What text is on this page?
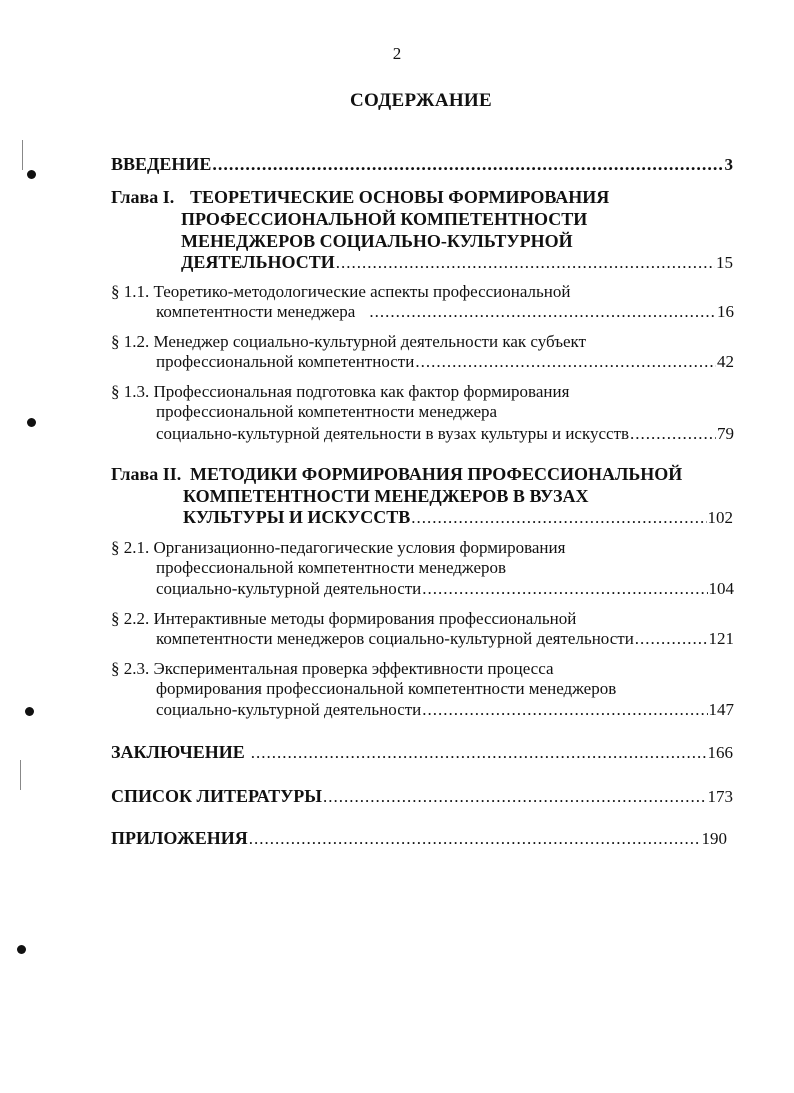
2
СОДЕРЖАНИЕ
ВВЕДЕНИЕ .....	3
Глава I. ТЕОРЕТИЧЕСКИЕ ОСНОВЫ ФОРМИРОВАНИЯ
ПРОФЕССИОНАЛЬНОЙ КОМПЕТЕНТНОСТИ
МЕНЕДЖЕРОВ СОЦИАЛЬНО-КУЛЬТУРНОЙ
ДЕЯТЕЛЬНОСТИ .....	15
§ 1.1. Теоретико-методологические аспекты профессиональной
компетентности менеджера .....	16
§ 1.2. Менеджер социально-культурной деятельности как субъект
профессиональной компетентности .....	42
§ 1.3. Профессиональная подготовка как фактор формирования
профессиональной компетентности менеджера
социально-культурной деятельности в вузах культуры и искусств .....	79
Глава II. МЕТОДИКИ ФОРМИРОВАНИЯ ПРОФЕССИОНАЛЬНОЙ
КОМПЕТЕНТНОСТИ МЕНЕДЖЕРОВ В ВУЗАХ
КУЛЬТУРЫ И ИСКУССТВ .....	102
§ 2.1. Организационно-педагогические условия формирования
профессиональной компетентности менеджеров
социально-культурной деятельности .....	104
§ 2.2. Интерактивные методы формирования профессиональной
компетентности менеджеров социально-культурной деятельности .....	121
§ 2.3. Экспериментальная проверка эффективности процесса
формирования профессиональной компетентности менеджеров
социально-культурной деятельности .....	147
ЗАКЛЮЧЕНИЕ .....	166
СПИСОК ЛИТЕРАТУРЫ .....	173
ПРИЛОЖЕНИЯ .....	190
